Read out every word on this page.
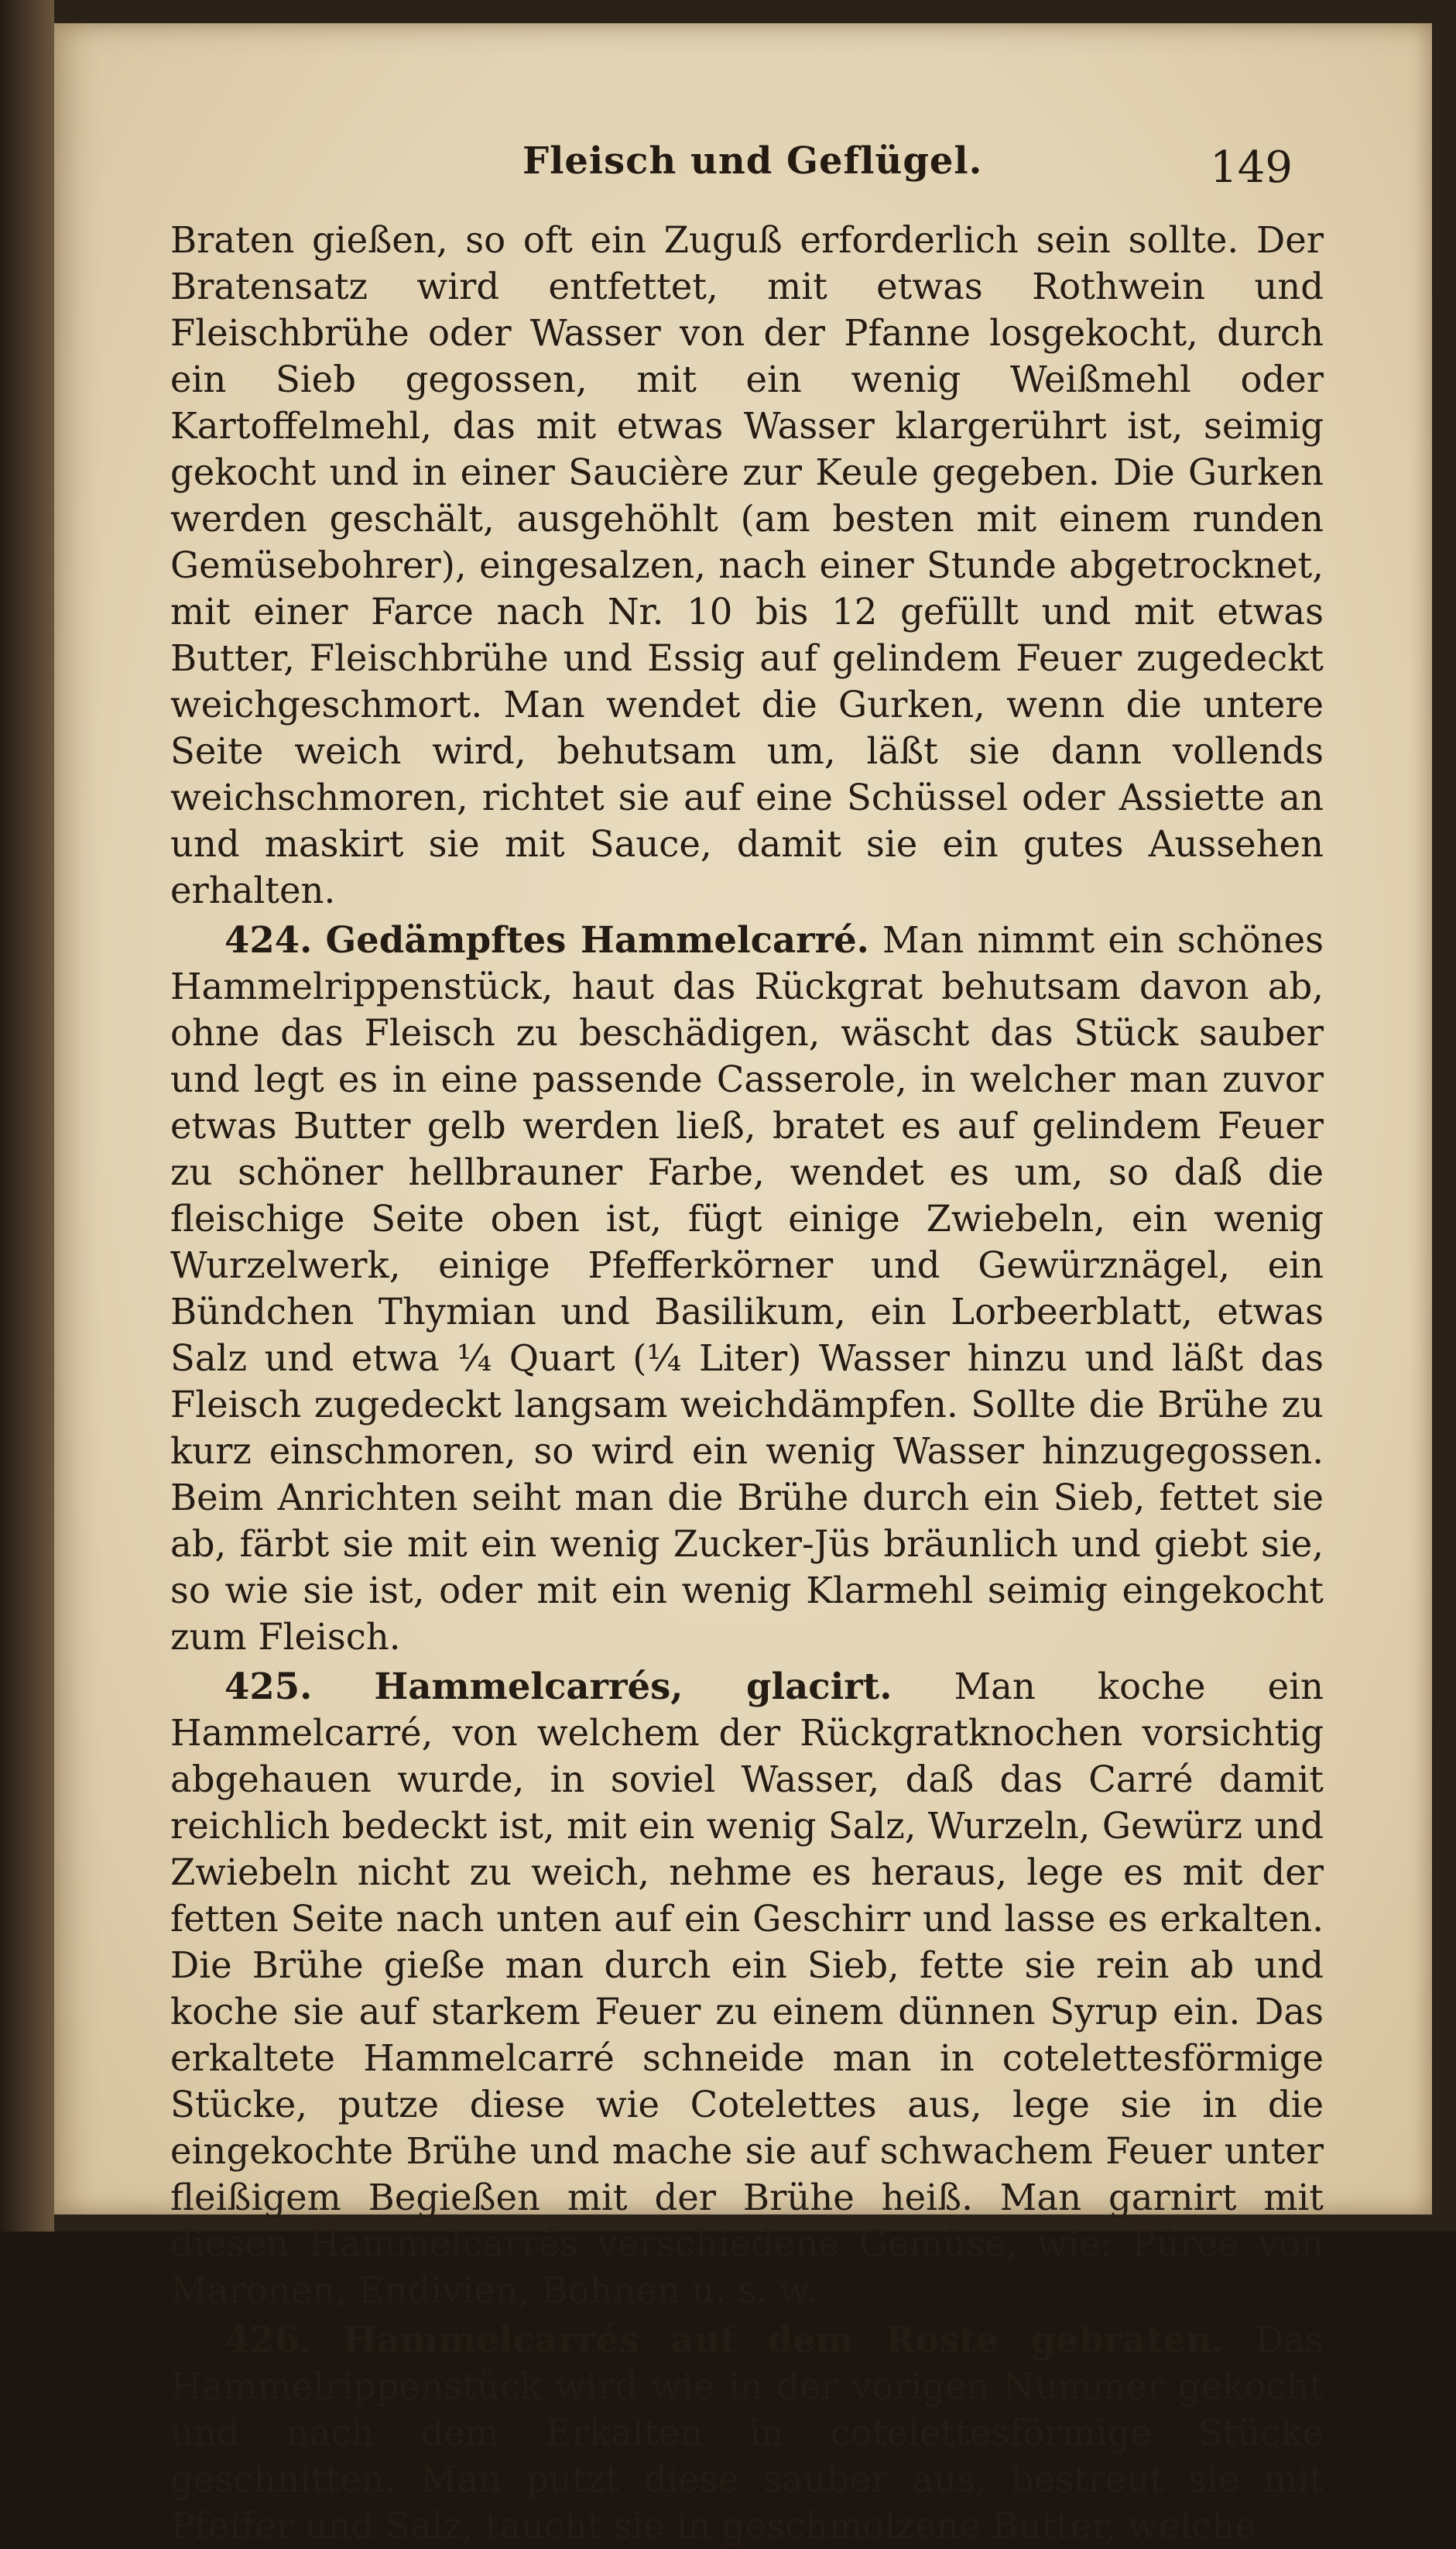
Fleisch und Geflügel.	149

Braten gießen, so oft ein Zuguß erforderlich sein sollte. Der Bratensatz wird entfettet, mit etwas Rothwein und Fleischbrühe oder Wasser von der Pfanne losgekocht, durch ein Sieb gegossen, mit ein wenig Weißmehl oder Kartoffelmehl, das mit etwas Wasser klargerührt ist, seimig gekocht und in einer Saucière zur Keule gegeben. Die Gurken werden geschält, ausgehöhlt (am besten mit einem runden Gemüsebohrer), eingesalzen, nach einer Stunde abgetrocknet, mit einer Farce nach Nr. 10 bis 12 gefüllt und mit etwas Butter, Fleischbrühe und Essig auf gelindem Feuer zugedeckt weichgeschmort. Man wendet die Gurken, wenn die untere Seite weich wird, behutsam um, läßt sie dann vollends weichschmoren, richtet sie auf eine Schüssel oder Assiette an und maskirt sie mit Sauce, damit sie ein gutes Aussehen erhalten.

424. Gedämpftes Hammelcarré. Man nimmt ein schönes Hammelrippenstück, haut das Rückgrat behutsam davon ab, ohne das Fleisch zu beschädigen, wäscht das Stück sauber und legt es in eine passende Casserole, in welcher man zuvor etwas Butter gelb werden ließ, bratet es auf gelindem Feuer zu schöner hellbrauner Farbe, wendet es um, so daß die fleischige Seite oben ist, fügt einige Zwiebeln, ein wenig Wurzelwerk, einige Pfefferkörner und Gewürznägel, ein Bündchen Thymian und Basilikum, ein Lorbeerblatt, etwas Salz und etwa ¼ Quart (¼ Liter) Wasser hinzu und läßt das Fleisch zugedeckt langsam weichdämpfen. Sollte die Brühe zu kurz einschmoren, so wird ein wenig Wasser hinzugegossen. Beim Anrichten seiht man die Brühe durch ein Sieb, fettet sie ab, färbt sie mit ein wenig Zucker-Jüs bräunlich und giebt sie, so wie sie ist, oder mit ein wenig Klarmehl seimig eingekocht zum Fleisch.

425. Hammelcarrés, glacirt. Man koche ein Hammelcarré, von welchem der Rückgratknochen vorsichtig abgehauen wurde, in soviel Wasser, daß das Carré damit reichlich bedeckt ist, mit ein wenig Salz, Wurzeln, Gewürz und Zwiebeln nicht zu weich, nehme es heraus, lege es mit der fetten Seite nach unten auf ein Geschirr und lasse es erkalten. Die Brühe gieße man durch ein Sieb, fette sie rein ab und koche sie auf starkem Feuer zu einem dünnen Syrup ein. Das erkaltete Hammelcarré schneide man in cotelettesförmige Stücke, putze diese wie Cotelettes aus, lege sie in die eingekochte Brühe und mache sie auf schwachem Feuer unter fleißigem Begießen mit der Brühe heiß. Man garnirt mit diesen Hammelcarrés verschiedene Gemüse, wie: Püree von Maronen, Endivien, Bohnen u. s. w.

426. Hammelcarrés auf dem Roste gebraten. Das Hammelrippenstück wird wie in der vorigen Nummer gekocht und nach dem Erkalten in cotelettesförmige Stücke geschnitten. Man putzt diese sauber aus, bestreut sie mit Pfeffer und Salz, taucht sie in geschmolzene Butter, welche
